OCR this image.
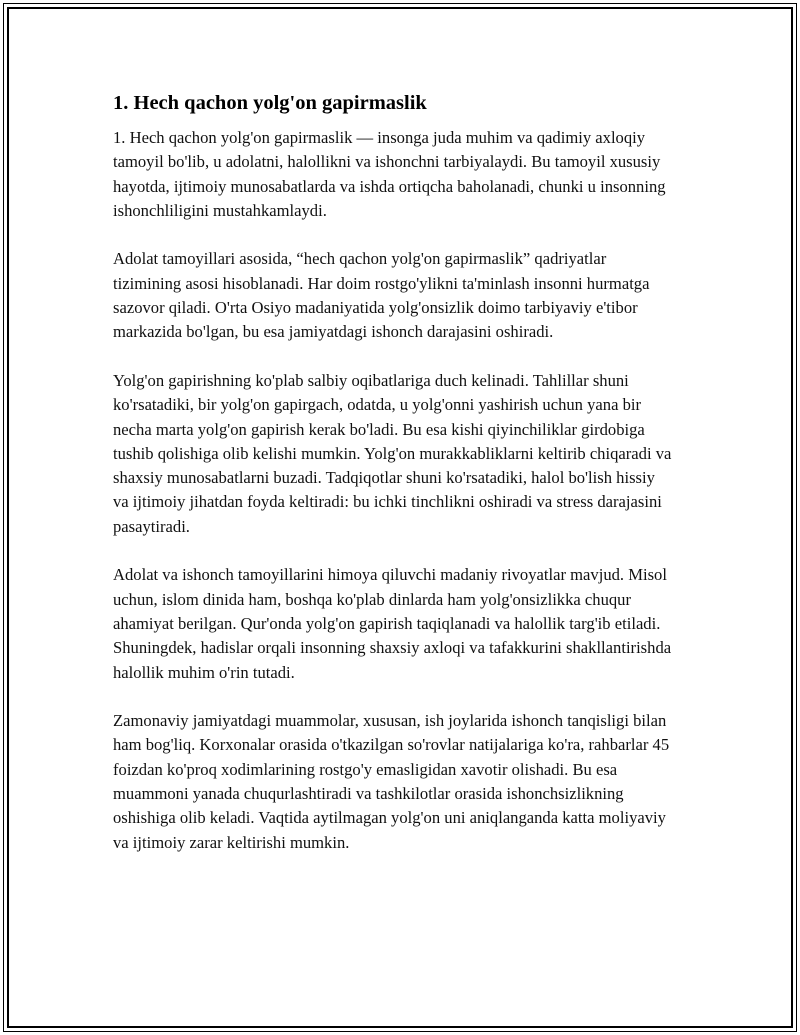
1. Hech qachon yolg'on gapirmaslik

1. Hech qachon yolg'on gapirmaslik — insonga juda muhim va qadimiy axloqiy tamoyil bo'lib, u adolatni, halollikni va ishonchni tarbiyalaydi. Bu tamoyil xususiy hayotda, ijtimoiy munosabatlarda va ishda ortiqcha baholanadi, chunki u insonning ishonchliligini mustahkamlaydi.

Adolat tamoyillari asosida, “hech qachon yolg'on gapirmaslik” qadriyatlar tizimining asosi hisoblanadi. Har doim rostgo'ylikni ta'minlash insonni hurmatga sazovor qiladi. O'rta Osiyo madaniyatida yolg'onsizlik doimo tarbiyaviy e'tibor markazida bo'lgan, bu esa jamiyatdagi ishonch darajasini oshiradi.

Yolg'on gapirishning ko'plab salbiy oqibatlariga duch kelinadi. Tahlillar shuni ko'rsatadiki, bir yolg'on gapirgach, odatda, u yolg'onni yashirish uchun yana bir necha marta yolg'on gapirish kerak bo'ladi. Bu esa kishi qiyinchiliklar girdobiga tushib qolishiga olib kelishi mumkin. Yolg'on murakkabliklarni keltirib chiqaradi va shaxsiy munosabatlarni buzadi. Tadqiqotlar shuni ko'rsatadiki, halol bo'lish hissiy va ijtimoiy jihatdan foyda keltiradi: bu ichki tinchlikni oshiradi va stress darajasini pasaytiradi.

Adolat va ishonch tamoyillarini himoya qiluvchi madaniy rivoyatlar mavjud. Misol uchun, islom dinida ham, boshqa ko'plab dinlarda ham yolg'onsizlikka chuqur ahamiyat berilgan. Qur'onda yolg'on gapirish taqiqlanadi va halollik targ'ib etiladi. Shuningdek, hadislar orqali insonning shaxsiy axloqi va tafakkurini shakllantirishda halollik muhim o'rin tutadi.

Zamonaviy jamiyatdagi muammolar, xususan, ish joylarida ishonch tanqisligi bilan ham bog'liq. Korxonalar orasida o'tkazilgan so'rovlar natijalariga ko'ra, rahbarlar 45 foizdan ko'proq xodimlarining rostgo'y emasligidan xavotir olishadi. Bu esa muammoni yanada chuqurlashtiradi va tashkilotlar orasida ishonchsizlikning oshishiga olib keladi. Vaqtida aytilmagan yolg'on uni aniqlanganda katta moliyaviy va ijtimoiy zarar keltirishi mumkin.
